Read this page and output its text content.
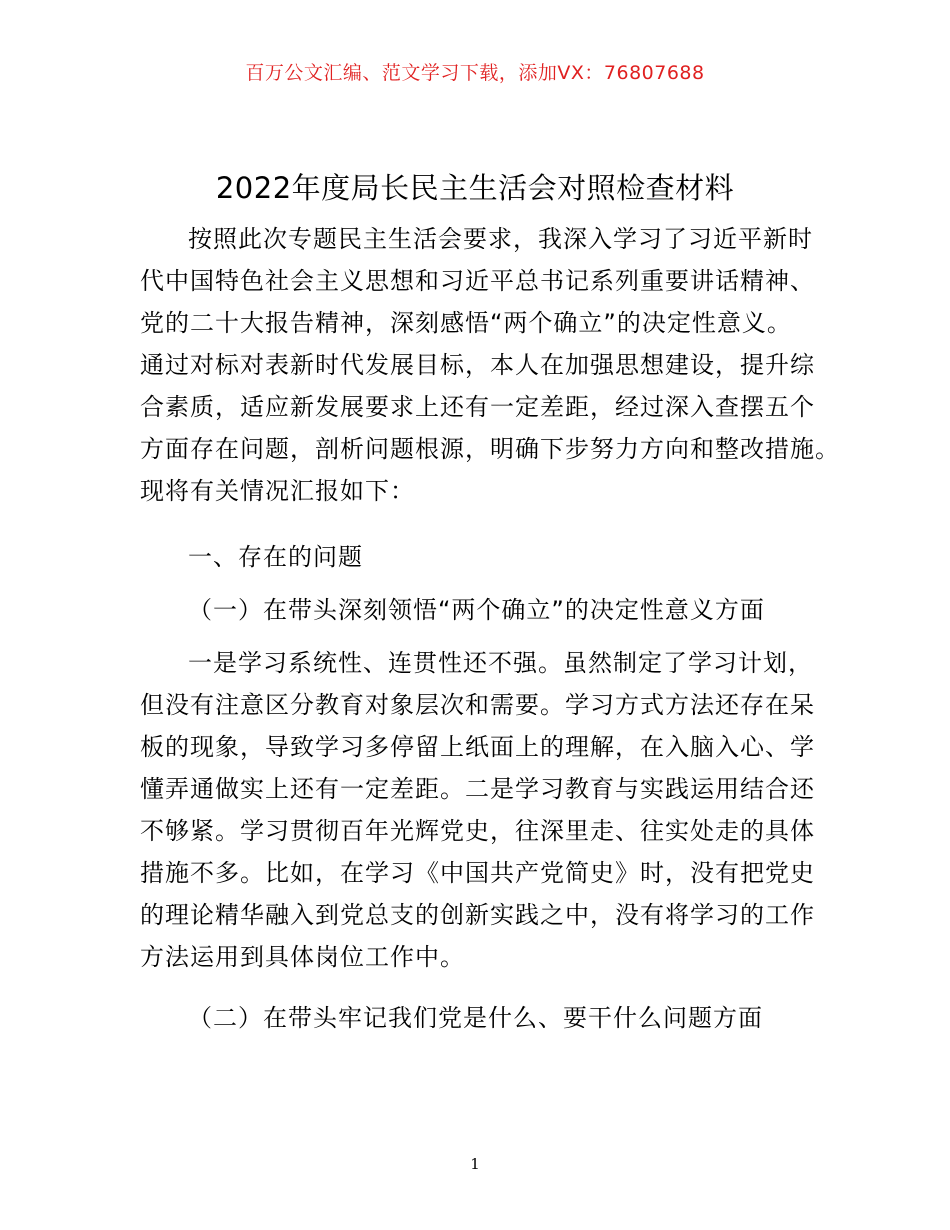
百万公文汇编、范文学习下载，添加VX：76807688
2022年度局长民主生活会对照检查材料
按照此次专题民主生活会要求，我深入学习了习近平新时
代中国特色社会主义思想和习近平总书记系列重要讲话精神、
党的二十大报告精神，深刻感悟“两个确立”的决定性意义。
通过对标对表新时代发展目标，本人在加强思想建设，提升综
合素质，适应新发展要求上还有一定差距，经过深入查摆五个
方面存在问题，剖析问题根源，明确下步努力方向和整改措施。
现将有关情况汇报如下：
一、存在的问题
（一）在带头深刻领悟“两个确立”的决定性意义方面
一是学习系统性、连贯性还不强。虽然制定了学习计划，
但没有注意区分教育对象层次和需要。学习方式方法还存在呆
板的现象，导致学习多停留上纸面上的理解，在入脑入心、学
懂弄通做实上还有一定差距。二是学习教育与实践运用结合还
不够紧。学习贯彻百年光辉党史，往深里走、往实处走的具体
措施不多。比如，在学习《中国共产党简史》时，没有把党史
的理论精华融入到党总支的创新实践之中，没有将学习的工作
方法运用到具体岗位工作中。
（二）在带头牢记我们党是什么、要干什么问题方面
1
